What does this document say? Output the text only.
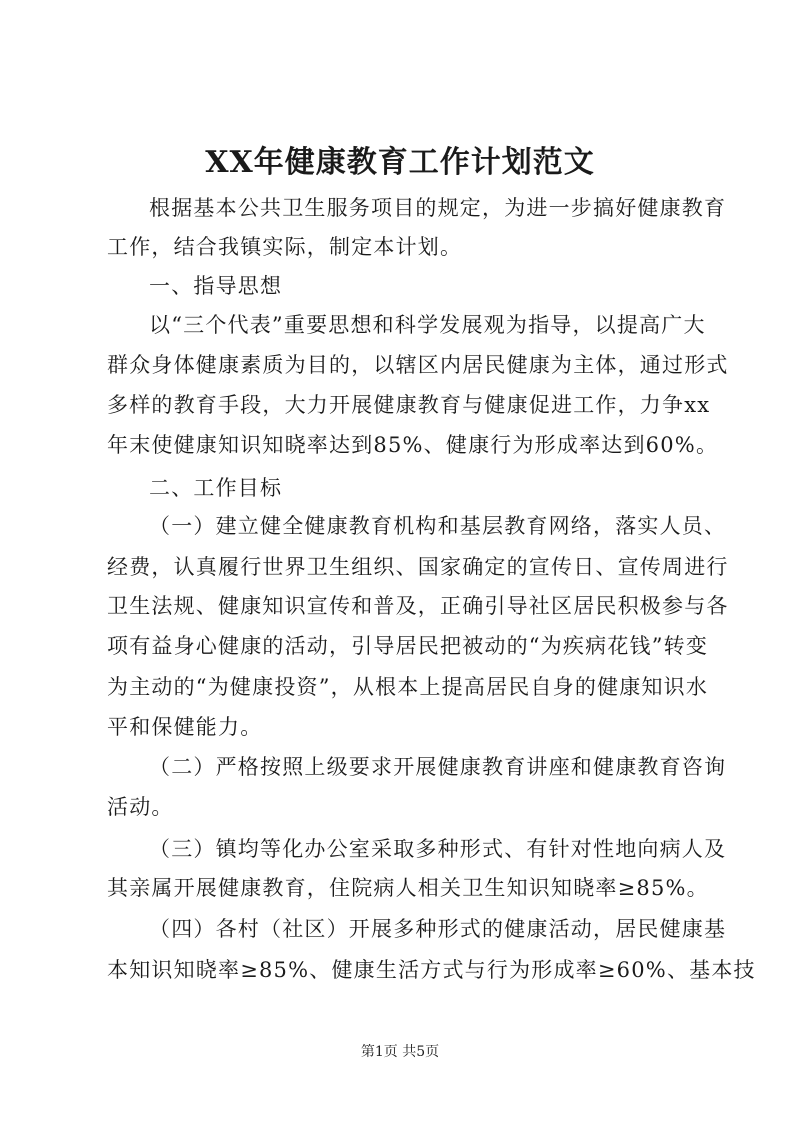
XX年健康教育工作计划范文
根据基本公共卫生服务项目的规定，为进一步搞好健康教育
工作，结合我镇实际，制定本计划。
一、指导思想
以“三个代表”重要思想和科学发展观为指导，以提高广大
群众身体健康素质为目的，以辖区内居民健康为主体，通过形式
多样的教育手段，大力开展健康教育与健康促进工作，力争xx
年末使健康知识知晓率达到85%、健康行为形成率达到60%。
二、工作目标
（一）建立健全健康教育机构和基层教育网络，落实人员、
经费，认真履行世界卫生组织、国家确定的宣传日、宣传周进行
卫生法规、健康知识宣传和普及，正确引导社区居民积极参与各
项有益身心健康的活动，引导居民把被动的“为疾病花钱”转变
为主动的“为健康投资”，从根本上提高居民自身的健康知识水
平和保健能力。
（二）严格按照上级要求开展健康教育讲座和健康教育咨询
活动。
（三）镇均等化办公室采取多种形式、有针对性地向病人及
其亲属开展健康教育，住院病人相关卫生知识知晓率≥85%。
（四）各村（社区）开展多种形式的健康活动，居民健康基
本知识知晓率≥85%、健康生活方式与行为形成率≥60%、基本技
第1页 共5页
